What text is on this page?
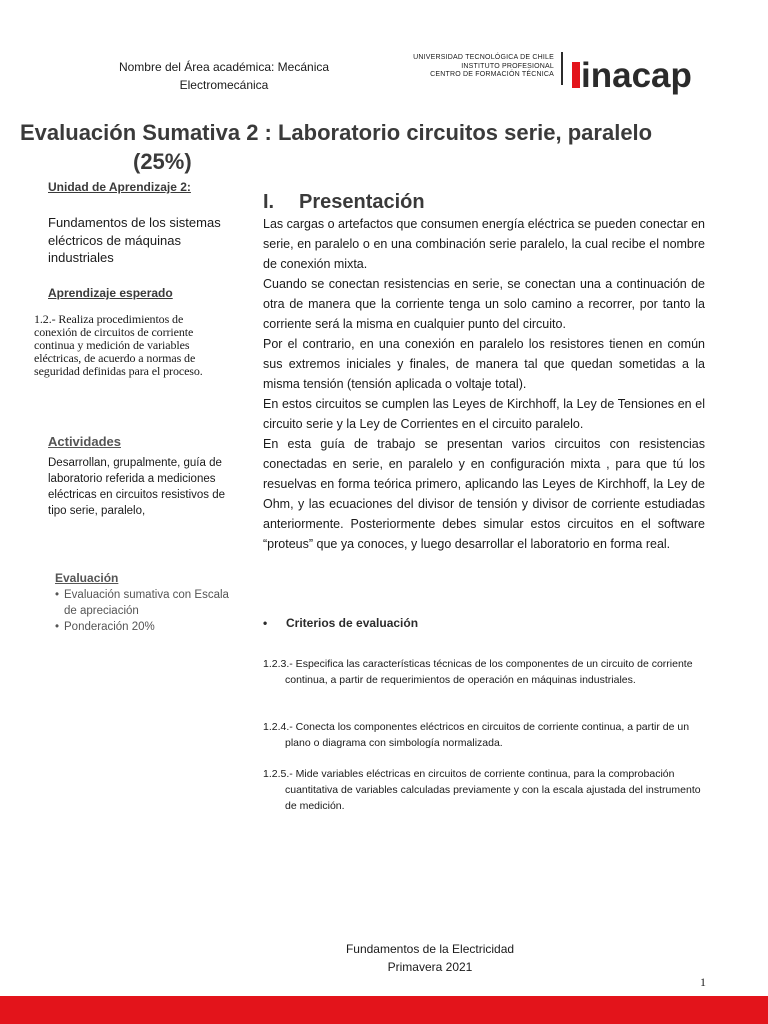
Nombre del Área académica: Mecánica Electromecánica
UNIVERSIDAD TECNOLÓGICA DE CHILE
INSTITUTO PROFESIONAL
CENTRO DE FORMACIÓN TÉCNICA inacap
Evaluación Sumativa 2 : Laboratorio circuitos serie, paralelo
(25%)
Unidad de Aprendizaje 2:
Fundamentos de los sistemas eléctricos de máquinas industriales
Aprendizaje esperado
1.2.- Realiza procedimientos de conexión de circuitos de corriente continua y medición de variables eléctricas, de acuerdo a normas de seguridad definidas para el proceso.
Actividades
Desarrollan, grupalmente, guía de laboratorio referida a mediciones eléctricas en circuitos resistivos de tipo serie, paralelo,
Evaluación
• Evaluación sumativa con Escala de apreciación
• Ponderación 20%
I. Presentación

Las cargas o artefactos que consumen energía eléctrica se pueden conectar en serie, en paralelo o en una combinación serie paralelo, la cual recibe el nombre de conexión mixta.

Cuando se conectan resistencias en serie, se conectan una a continuación de otra de manera que la corriente tenga un solo camino a recorrer, por tanto la corriente será la misma en cualquier punto del circuito.

Por el contrario, en una conexión en paralelo los resistores tienen en común sus extremos iniciales y finales, de manera tal que quedan sometidas a la misma tensión (tensión aplicada o voltaje total).

En estos circuitos se cumplen las Leyes de Kirchhoff, la Ley de Tensiones en el circuito serie y la Ley de Corrientes en el circuito paralelo.

En esta guía de trabajo se presentan varios circuitos con resistencias conectadas en serie, en paralelo y en configuración mixta , para que tú los resuelvas en forma teórica primero, aplicando las Leyes de Kirchhoff, la Ley de Ohm, y las ecuaciones del divisor de tensión y divisor de corriente estudiadas anteriormente. Posteriormente debes simular estos circuitos en el software “proteus” que ya conoces, y luego desarrollar el laboratorio en forma real.

• Criterios de evaluación
1.2.3.- Especifica las características técnicas de los componentes de un circuito de corriente continua, a partir de requerimientos de operación en máquinas industriales.
1.2.4.- Conecta los componentes eléctricos en circuitos de corriente continua, a partir de un plano o diagrama con simbología normalizada.
1.2.5.- Mide variables eléctricas en circuitos de corriente continua, para la comprobación cuantitativa de variables calculadas previamente y con la escala ajustada del instrumento de medición.
Fundamentos de la Electricidad
Primavera 2021
1
